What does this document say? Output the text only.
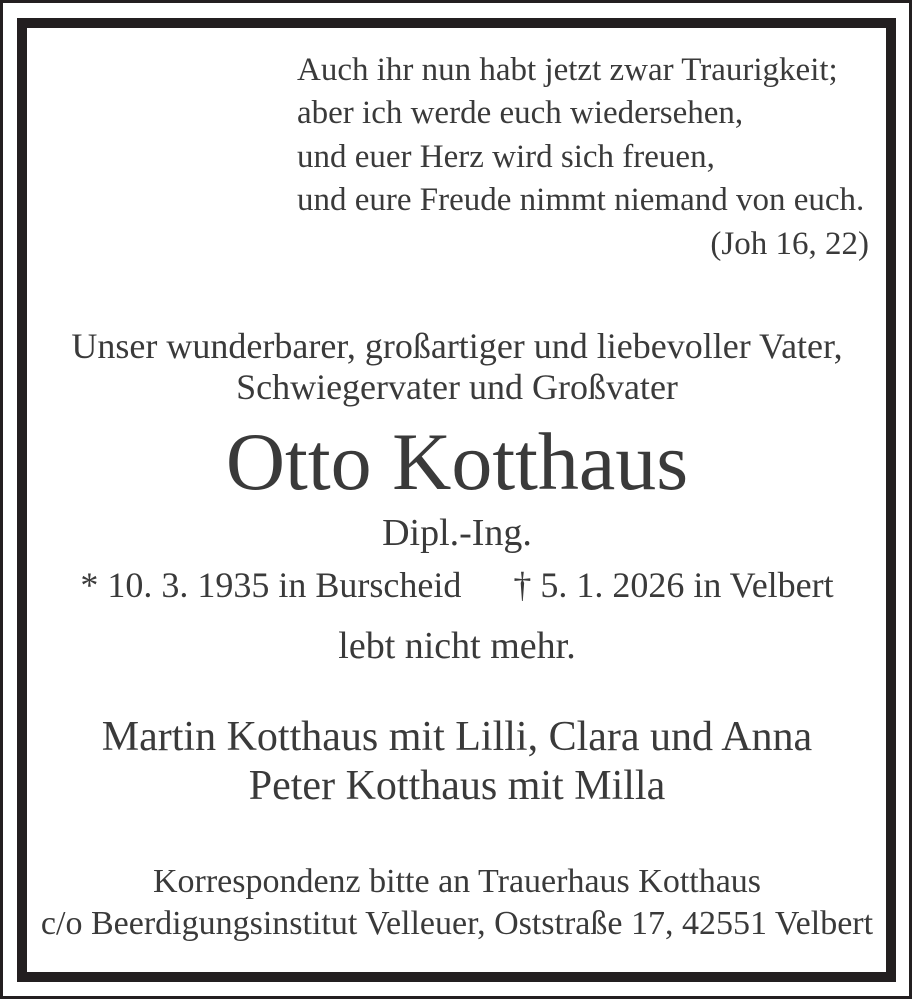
Auch ihr nun habt jetzt zwar Traurigkeit;
aber ich werde euch wiedersehen,
und euer Herz wird sich freuen,
und eure Freude nimmt niemand von euch.
(Joh 16, 22)
Unser wunderbarer, großartiger und liebevoller Vater,
Schwiegervater und Großvater
Otto Kotthaus
Dipl.-Ing.
* 10. 3. 1935 in Burscheid † 5. 1. 2026 in Velbert
lebt nicht mehr.
Martin Kotthaus mit Lilli, Clara und Anna
Peter Kotthaus mit Milla
Korrespondenz bitte an Trauerhaus Kotthaus
c/o Beerdigungsinstitut Velleuer, Oststraße 17, 42551 Velbert
